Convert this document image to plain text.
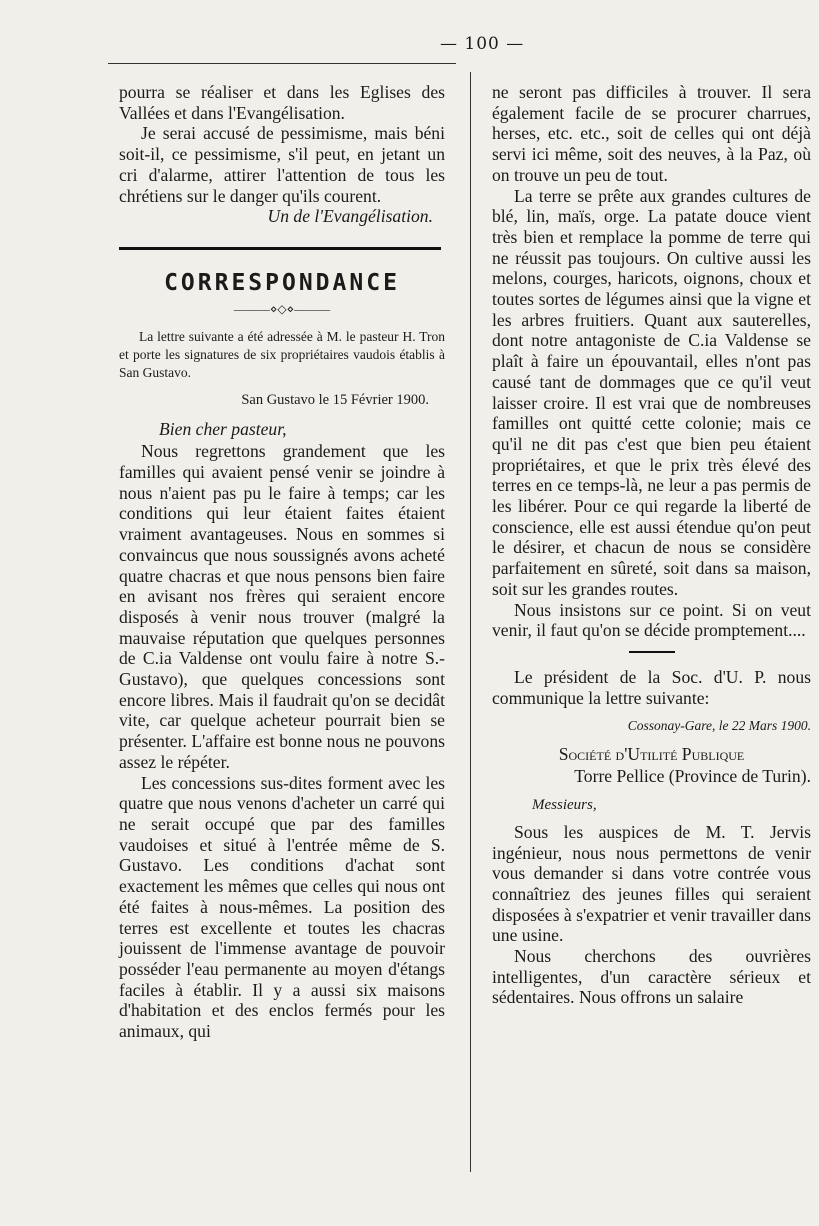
— 100 —

pourra se réaliser et dans les Eglises des Vallées et dans l'Evangélisation.

Je serai accusé de pessimisme, mais béni soit-il, ce pessimisme, s'il peut, en jetant un cri d'alarme, attirer l'attention de tous les chrétiens sur le danger qu'ils courent.

Un de l'Evangélisation.

CORRESPONDANCE
———⋄◇⋄———

La lettre suivante a été adressée à M. le pasteur H. Tron et porte les signatures de six propriétaires vaudois établis à San Gustavo.

San Gustavo le 15 Février 1900.

Bien cher pasteur,

Nous regrettons grandement que les familles qui avaient pensé venir se joindre à nous n'aient pas pu le faire à temps; car les conditions qui leur étaient faites étaient vraiment avantageuses. Nous en sommes si convaincus que nous soussignés avons acheté quatre chacras et que nous pensons bien faire en avisant nos frères qui seraient encore disposés à venir nous trouver (malgré la mauvaise réputation que quelques personnes de C.ia Valdense ont voulu faire à notre S.-Gustavo), que quelques concessions sont encore libres. Mais il faudrait qu'on se decidât vite, car quelque acheteur pourrait bien se présenter. L'affaire est bonne nous ne pouvons assez le répéter.

Les concessions sus-dites forment avec les quatre que nous venons d'acheter un carré qui ne serait occupé que par des familles vaudoises et situé à l'entrée même de S. Gustavo. Les conditions d'achat sont exactement les mêmes que celles qui nous ont été faites à nous-mêmes. La position des terres est excellente et toutes les chacras jouissent de l'immense avantage de pouvoir posséder l'eau permanente au moyen d'étangs faciles à établir. Il y a aussi six maisons d'habitation et des enclos fermés pour les animaux, qui

ne seront pas difficiles à trouver. Il sera également facile de se procurer charrues, herses, etc. etc., soit de celles qui ont déjà servi ici même, soit des neuves, à la Paz, où on trouve un peu de tout.

La terre se prête aux grandes cultures de blé, lin, maïs, orge. La patate douce vient très bien et remplace la pomme de terre qui ne réussit pas toujours. On cultive aussi les melons, courges, haricots, oignons, choux et toutes sortes de légumes ainsi que la vigne et les arbres fruitiers. Quant aux sauterelles, dont notre antagoniste de C.ia Valdense se plaît à faire un épouvantail, elles n'ont pas causé tant de dommages que ce qu'il veut laisser croire. Il est vrai que de nombreuses familles ont quitté cette colonie; mais ce qu'il ne dit pas c'est que bien peu étaient propriétaires, et que le prix très élevé des terres en ce temps-là, ne leur a pas permis de les libérer. Pour ce qui regarde la liberté de conscience, elle est aussi étendue qu'on peut le désirer, et chacun de nous se considère parfaitement en sûreté, soit dans sa maison, soit sur les grandes routes.

Nous insistons sur ce point. Si on veut venir, il faut qu'on se décide promptement....

Le président de la Soc. d'U. P. nous communique la lettre suivante:

Cossonay-Gare, le 22 Mars 1900.

Société d'Utilité Publique

Torre Pellice (Province de Turin).

Messieurs,

Sous les auspices de M. T. Jervis ingénieur, nous nous permettons de venir vous demander si dans votre contrée vous connaîtriez des jeunes filles qui seraient disposées à s'expatrier et venir travailler dans une usine.

Nous cherchons des ouvrières intelligentes, d'un caractère sérieux et sédentaires. Nous offrons un salaire
